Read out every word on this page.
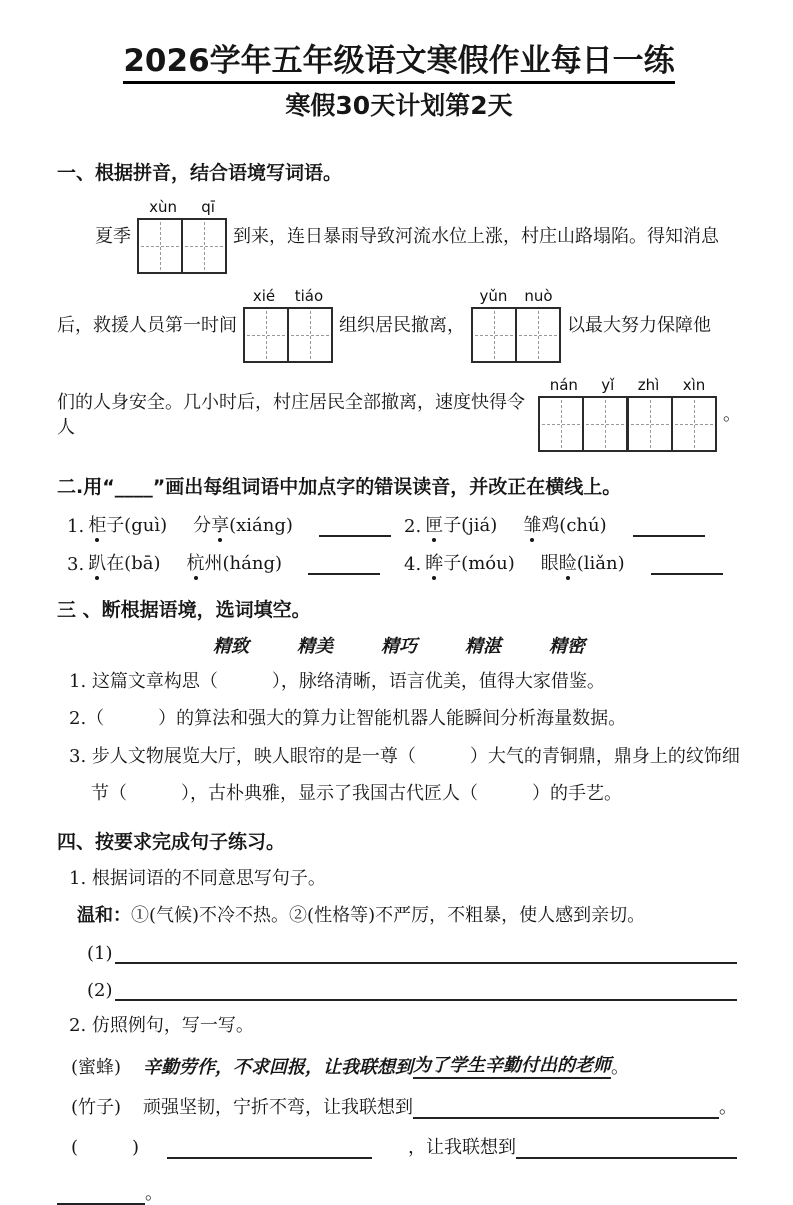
2026学年五年级语文寒假作业每日一练
寒假30天计划第2天
一、根据拼音，结合语境写词语。
夏季
xùn qī
到来，连日暴雨导致河流水位上涨，村庄山路塌陷。得知消息
后，救援人员第一时间
xié tiáo
组织居民撤离，
yǔn nuò
以最大努力保障他
们的人身安全。几小时后，村庄居民全部撤离，速度快得令人
nán yǐ zhì xìn
。
二.用“____”画出每组词语中加点字的错误读音，并改正在横线上。
1. 柜子(guì) 分享(xiáng)	2. 匣子(jiá) 雏鸡(chú)
3. 趴在(bā) 杭州(háng)	4. 眸子(móu) 眼睑(liǎn)
三 、断根据语境，选词填空。
精致	精美	精巧	精湛	精密
1. 这篇文章构思（　　　），脉络清晰，语言优美，值得大家借鉴。
2.（　　　）的算法和强大的算力让智能机器人能瞬间分析海量数据。
3. 步人文物展览大厅，映人眼帘的是一尊（　　　）大气的青铜鼎，鼎身上的纹饰细
节（　　　），古朴典雅，显示了我国古代匠人（　　　）的手艺。
四、按要求完成句子练习。
1. 根据词语的不同意思写句子。
温和：①(气候)不冷不热。②(性格等)不严厉，不粗暴，使人感到亲切。
(1)
(2)
2. 仿照例句，写一写。
(蜜蜂) 辛勤劳作，不求回报，让我联想到 为了学生辛勤付出的老师 。
(竹子) 顽强坚韧，宁折不弯，让我联想到	。
(　　　)	，让我联想到
。
